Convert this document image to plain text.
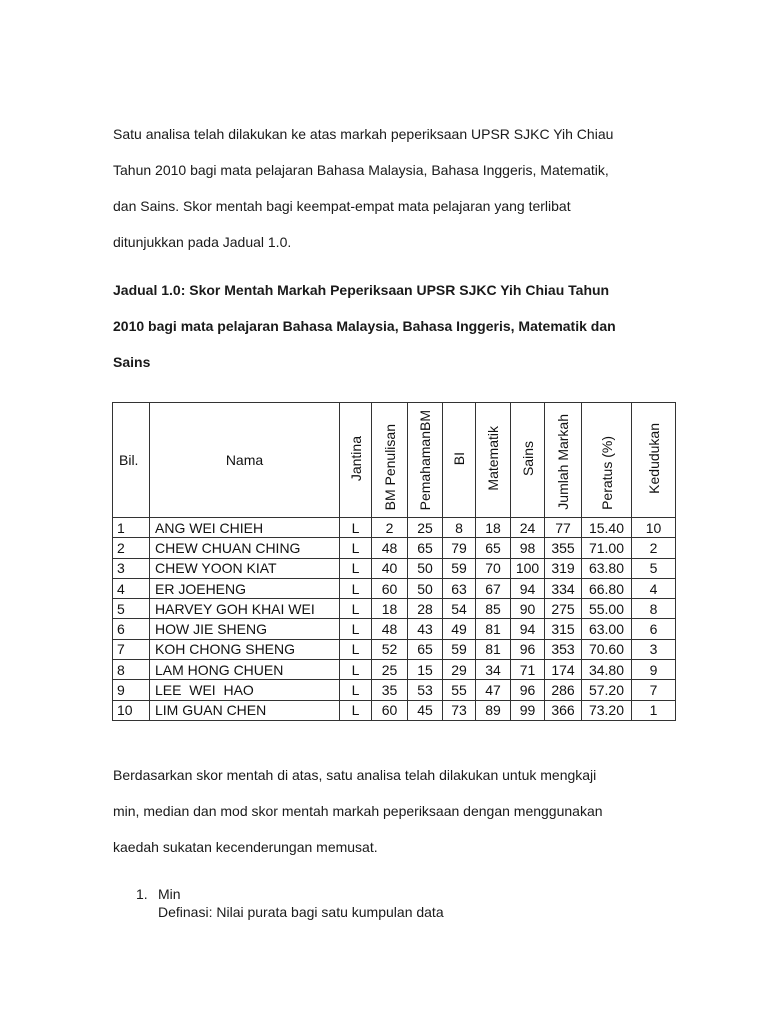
Satu analisa telah dilakukan ke atas markah peperiksaan UPSR SJKC Yih Chiau

Tahun 2010 bagi mata pelajaran Bahasa Malaysia, Bahasa Inggeris, Matematik,

dan Sains. Skor mentah bagi keempat-empat mata pelajaran yang terlibat

ditunjukkan pada Jadual 1.0.

Jadual 1.0: Skor Mentah Markah Peperiksaan UPSR SJKC Yih Chiau Tahun

2010 bagi mata pelajaran Bahasa Malaysia, Bahasa Inggeris, Matematik dan

Sains

Bil.	Nama	Jantina	BM Penulisan	PemahamanBM	BI	Matematik	Sains	Jumlah Markah	Peratus (%)	Kedudukan
1	ANG WEI CHIEH	L	2	25	8	18	24	77	15.40	10
2	CHEW CHUAN CHING	L	48	65	79	65	98	355	71.00	2
3	CHEW YOON KIAT	L	40	50	59	70	100	319	63.80	5
4	ER JOEHENG	L	60	50	63	67	94	334	66.80	4
5	HARVEY GOH KHAI WEI	L	18	28	54	85	90	275	55.00	8
6	HOW JIE SHENG	L	48	43	49	81	94	315	63.00	6
7	KOH CHONG SHENG	L	52	65	59	81	96	353	70.60	3
8	LAM HONG CHUEN	L	25	15	29	34	71	174	34.80	9
9	LEE  WEI  HAO	L	35	53	55	47	96	286	57.20	7
10	LIM GUAN CHEN	L	60	45	73	89	99	366	73.20	1

Berdasarkan skor mentah di atas, satu analisa telah dilakukan untuk mengkaji

min, median dan mod skor mentah markah peperiksaan dengan menggunakan

kaedah sukatan kecenderungan memusat.

1. Min
Definasi: Nilai purata bagi satu kumpulan data
